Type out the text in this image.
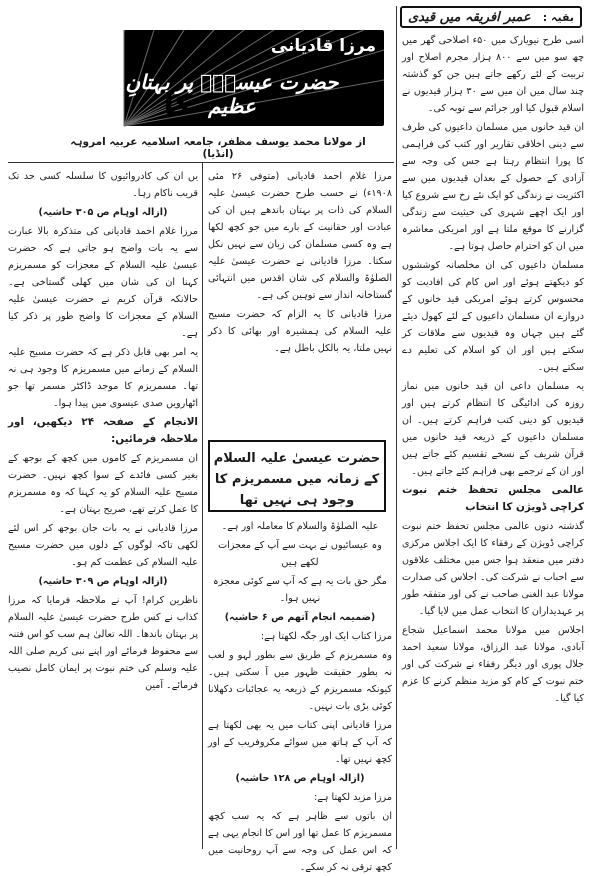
بقیہ :
عمبر افریقہ میں قیدی
مرزا قادیانی
حضرت عیسیٰؑ پر بہتانِ عظیم
کا
از مولانا محمد یوسف مظفر، جامعہ اسلامیہ عربیہ امروہہ (انڈیا)

اسی طرح نیویارک میں ۵۰ء اصلاحی گھر میں چھ سو میں سے ۸۰۰ ہزار مجرم اصلاح اور تربیت کے لئے رکھے جاتے ہیں جن کو گذشتہ چند سال میں ان میں سے ۳۰ ہزار قیدیوں نے اسلام قبول کیا اور جرائم سے توبہ کی۔

ان قید خانوں میں مسلمان داعیوں کی طرف سے دینی اخلاقی تقاریر اور کتب کی فراہمی کا پورا انتظام رہتا ہے جس کی وجہ سے آزادی کے حصول کے بعدان قیدیوں میں سے اکثریت نے زندگی کو ایک نئے رخ سے شروع کیا اور ایک اچھے شہری کی حیثیت سے زندگی گزارنے کا موقع ملتا ہے اور امریکی معاشرہ میں ان کو احترام حاصل ہوتا ہے۔

مسلمان داعیوں کی ان مخلصانہ کوششوں کو دیکھتے ہوئے اور اس کام کی افادیت کو محسوس کرتے ہوئے امریکی قید خانوں کے دروازے ان مسلمان داعیوں کے لئے کھول دیئے گئے ہیں جہاں وہ قیدیوں سے ملاقات کر سکتے ہیں اور ان کو اسلام کی تعلیم دے سکتے ہیں۔

یہ مسلمان داعی ان قید خانوں میں نماز روزہ کی ادائیگی کا انتظام کرتے ہیں اور قیدیوں کو دینی کتب فراہم کرتے ہیں۔ ان مسلمان داعیوں کے ذریعہ قید خانوں میں قرآن شریف کے نسخے تقسیم کئے جاتے ہیں اور ان کے ترجمے بھی فراہم کئے جاتے ہیں۔

عالمی مجلس تحفظ ختم نبوت کراچی ڈویژن کا انتخاب

گذشتہ دنوں عالمی مجلس تحفظ ختم نبوت کراچی ڈویژن کے رفقاء کا ایک اجلاس مرکزی دفتر میں منعقد ہوا جس میں مختلف علاقوں سے احباب نے شرکت کی۔ اجلاس کی صدارت مولانا عبد الغنی صاحب نے کی اور متفقہ طور پر عہدیداران کا انتخاب عمل میں لایا گیا۔

اجلاس میں مولانا محمد اسماعیل شجاع آبادی، مولانا عبد الرزاق، مولانا سعید احمد جلال پوری اور دیگر رفقاء نے شرکت کی اور ختم نبوت کے کام کو مزید منظم کرنے کا عزم کیا گیا۔

مرزا غلام احمد قادیانی (متوفی ۲۶ مئی ۱۹۰۸ء) نے حسب طرح حضرت عیسیٰ علیہ السلام کی ذات پر بہتان باندھے ہیں ان کی عبادت اور حقانیت کے بارے میں جو کچھ لکھا ہے وہ کسی مسلمان کی زبان سے نہیں نکل سکتا۔ مرزا قادیانی نے حضرت عیسیٰ علیہ الصلوٰۃ والسلام کی شان اقدس میں انتہائی گستاخانہ انداز سے توہین کی ہے۔

مرزا قادیانی کا یہ الزام کہ حضرت مسیح علیہ السلام کی ہمشیرہ اور بھائی کا ذکر نہیں ملتا، یہ بالکل باطل ہے۔

حضرت عیسیٰ علیہ السلام کے زمانہ میں مسمریزم کا وجود ہی نہیں تھا

علیہ الصلوٰۃ والسلام کا معاملہ اور ہے۔

وہ عیسائیوں نے بہت سے آپ کے معجزات لکھے ہیں

مگر حق بات یہ ہے کہ آپ سے کوئی معجزہ نہیں ہوا۔

(ضمیمہ انجام آتھم ص ۶ حاشیہ)

مرزا کتاب ایک اور جگہ لکھتا ہے:

وہ مسمریزم کے طریق سے بطور لہو و لعب نہ بطور حقیقت ظہور میں آ سکتی ہیں۔ کیونکہ مسمریزم کے ذریعہ یہ عجائبات دکھلانا کوئی بڑی بات نہیں۔

مرزا قادیانی اپنی کتاب میں یہ بھی لکھتا ہے کہ آپ کے ہاتھ میں سوائے مکروفریب کے اور کچھ نہیں تھا۔

(ازالہ اوہام ص ۱۲۸ حاشیہ)

مرزا مزید لکھتا ہے:

ان باتوں سے ظاہر ہے کہ یہ سب کچھ مسمریزم کا عمل تھا اور اس کا انجام یہی ہے کہ اس عمل کی وجہ سے آپ روحانیت میں کچھ ترقی نہ کر سکے۔

یں ان کی کادروائیوں کا سلسلہ کسی حد تک قریب ناکام رہا۔

(ازالہ اوہام ص ۳۰۵ حاشیہ)

مرزا غلام احمد قادیانی کی متذکرہ بالا عبارت سے یہ بات واضح ہو جاتی ہے کہ حضرت عیسیٰ علیہ السلام کے معجزات کو مسمریزم کہنا ان کی شان میں کھلی گستاخی ہے۔ حالانکہ قرآن کریم نے حضرت عیسیٰ علیہ السلام کے معجزات کا واضح طور پر ذکر کیا ہے۔

یہ امر بھی قابل ذکر ہے کہ حضرت مسیح علیہ السلام کے زمانے میں مسمریزم کا وجود ہی نہ تھا۔ مسمریزم کا موجد ڈاکٹر مسمر تھا جو اٹھارویں صدی عیسوی میں پیدا ہوا۔

الانجام کے صفحہ ۲۴ دیکھیں، اور ملاحظہ فرمائیں:

ان مسمریزم کے کاموں میں کچھ کے بوجھ کے بغیر کسی فائدے کے سوا کچھ نہیں۔ حضرت مسیح علیہ السلام کو یہ کہنا کہ وہ مسمریزم کا عمل کرتے تھے، صریح بہتان ہے۔

مرزا قادیانی نے یہ بات جان بوجھ کر اس لئے لکھی تاکہ لوگوں کے دلوں میں حضرت مسیح علیہ السلام کی عظمت کم ہو۔

(ازالہ اوہام ص ۳۰۹ حاشیہ)

ناظرین کرام! آپ نے ملاحظہ فرمایا کہ مرزا کذاب نے کس طرح حضرت عیسیٰ علیہ السلام پر بہتان باندھا۔ اللہ تعالیٰ ہم سب کو اس فتنہ سے محفوظ فرمائے اور اپنے نبی کریم صلی اللہ علیہ وسلم کی ختم نبوت پر ایمان کامل نصیب فرمائے۔ آمین
